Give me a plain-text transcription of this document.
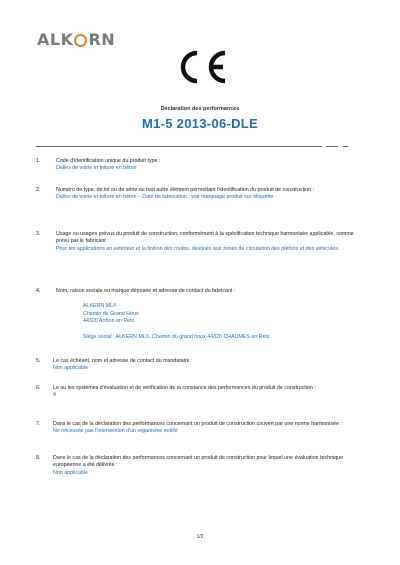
ALK RN
Déclaration des performances
M1-5 2013-06-DLE
1.	Code d'identification unique du produit type :
Dalles de voirie et toiture en béton
2.	Numéro de type, de lot ou de série ou tout autre élément permettant l'identification du produit de construction :
Dalles de voirie et toiture en béton – Date de fabrication : voir marquage produit sur étiquette
3.	Usage ou usages prévus du produit de construction, conformément à la spécification technique harmonisée applicable, comme prévu par le fabricant :
Pour les applications en extérieur et la finition des routes, destinés aux zones de circulation des piétons et des véhicules.
4.	Nom, raison sociale ou marque déposée et adresse de contact du fabricant :
ALKERN MLX
Chemin du Grand Houx
44320 Arthon en Retz
Siège social : ALKERN MLX, Chemin du grand houx 44320 CHAUMES en Retz
5. Le cas échéant, nom et adresse de contact du mandataire :
Non applicable
6. Le ou les systèmes d'évaluation et de vérification de la constance des performances du produit de construction :
4
7. Dans le cas de la déclaration des performances concernant un produit de construction couvert par une norme harmonisée :
Ne nécessite pas l'intervention d'un organisme notifié
8. Dans le cas de la déclaration des performances concernant un produit de construction pour lequel une évaluation technique européenne a été délivrée :
Non applicable
1/2
